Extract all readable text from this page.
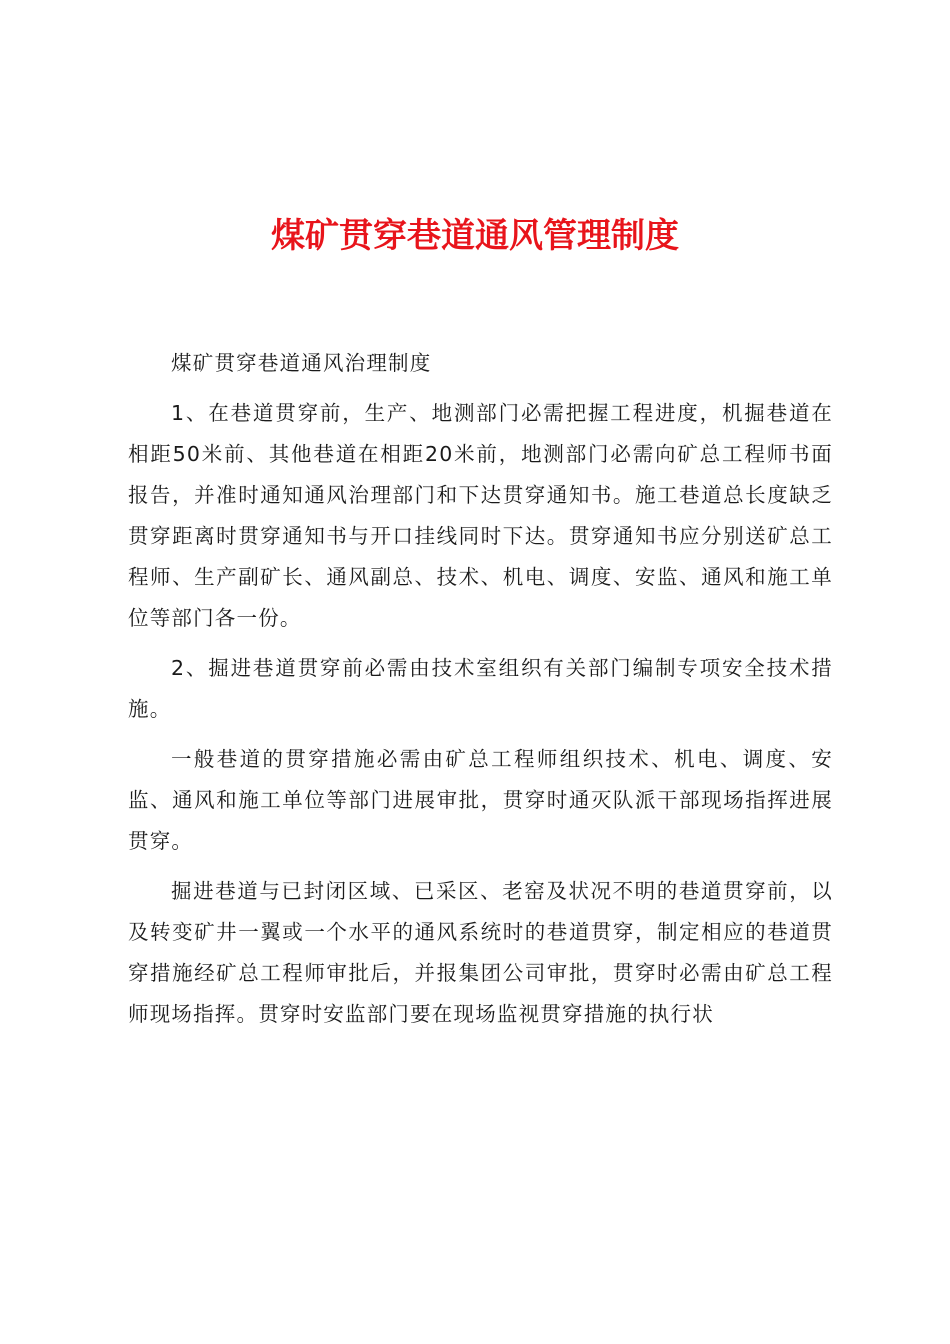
煤矿贯穿巷道通风管理制度

煤矿贯穿巷道通风治理制度

1、在巷道贯穿前，生产、地测部门必需把握工程进度，机掘巷道在相距50米前、其他巷道在相距20米前，地测部门必需向矿总工程师书面报告，并准时通知通风治理部门和下达贯穿通知书。施工巷道总长度缺乏贯穿距离时贯穿通知书与开口挂线同时下达。贯穿通知书应分别送矿总工程师、生产副矿长、通风副总、技术、机电、调度、安监、通风和施工单位等部门各一份。

2、掘进巷道贯穿前必需由技术室组织有关部门编制专项安全技术措施。

一般巷道的贯穿措施必需由矿总工程师组织技术、机电、调度、安监、通风和施工单位等部门进展审批，贯穿时通灭队派干部现场指挥进展贯穿。

掘进巷道与已封闭区域、已采区、老窑及状况不明的巷道贯穿前，以及转变矿井一翼或一个水平的通风系统时的巷道贯穿，制定相应的巷道贯穿措施经矿总工程师审批后，并报集团公司审批，贯穿时必需由矿总工程师现场指挥。贯穿时安监部门要在现场监视贯穿措施的执行状
